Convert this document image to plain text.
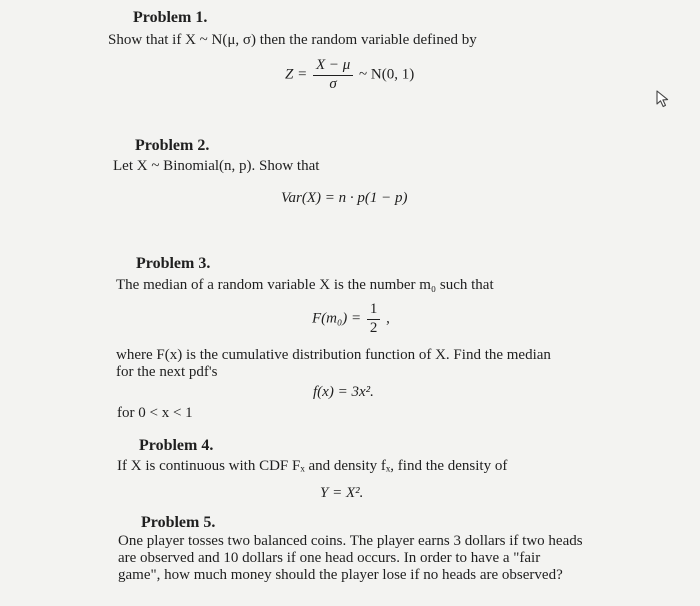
Problem 1.
Show that if X ~ N(μ, σ) then the random variable defined by
$Z = \frac{X - \mu}{\sigma}$ ~ N(0, 1)
Problem 2.
Let X ~ Binomial(n, p). Show that
Var(X) = n · p(1 − p)
Problem 3.
The median of a random variable X is the number m₀ such that
$F(m_0) = \frac{1}{2}$ ,
where F(x) is the cumulative distribution function of X. Find the median
for the next pdf's
f(x) = 3x².
for 0 < x < 1
Problem 4.
If X is continuous with CDF Fₓ and density fₓ, find the density of
Y = X².
Problem 5.
One player tosses two balanced coins. The player earns 3 dollars if two heads
are observed and 10 dollars if one head occurs. In order to have a "fair
game", how much money should the player lose if no heads are observed?
